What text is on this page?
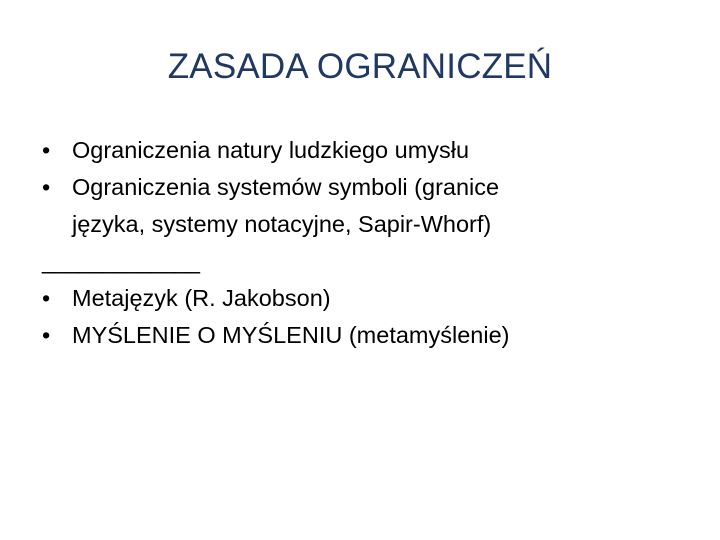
ZASADA OGRANICZEŃ
• Ograniczenia natury ludzkiego umysłu
• Ograniczenia systemów symboli (granice
języka, systemy notacyjne, Sapir-Whorf)
_____________
• Metajęzyk (R. Jakobson)
• MYŚLENIE O MYŚLENIU (metamyślenie)
